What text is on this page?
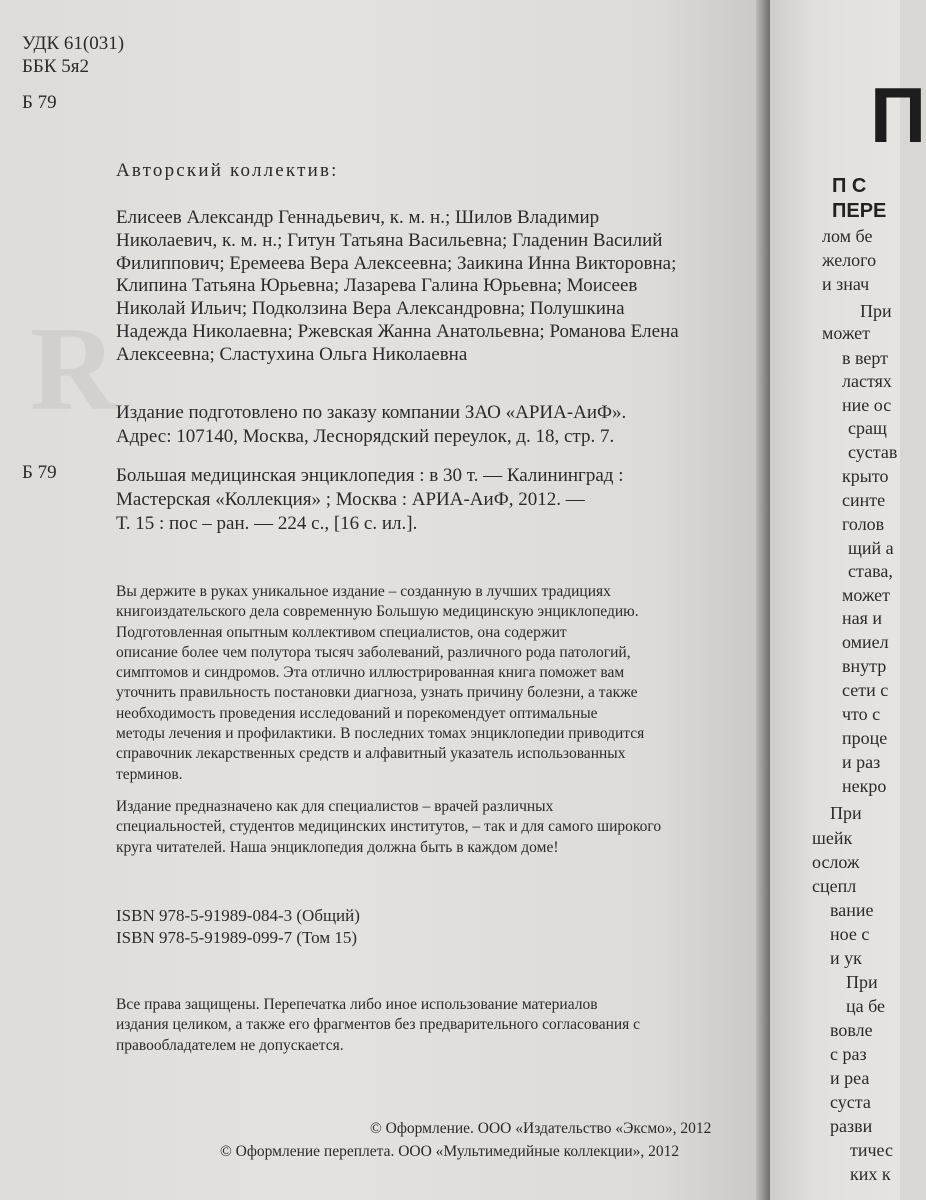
R
УДК 61(031)
ББК 5я2
Б 79
Авторский коллектив:
Елисеев Александр Геннадьевич, к. м. н.; Шилов Владимир
Николаевич, к. м. н.; Гитун Татьяна Васильевна; Гладенин Василий
Филиппович; Еремеева Вера Алексеевна; Заикина Инна Викторовна;
Клипина Татьяна Юрьевна; Лазарева Галина Юрьевна; Моисеев
Николай Ильич; Подколзина Вера Александровна; Полушкина
Надежда Николаевна; Ржевская Жанна Анатольевна; Романова Елена
Алексеевна; Сластухина Ольга Николаевна
Издание подготовлено по заказу компании ЗАО «АРИА-АиФ».
Адрес: 107140, Москва, Леснорядский переулок, д. 18, стр. 7.
Б 79	Большая медицинская энциклопедия : в 30 т. — Калининград :
Мастерская «Коллекция» ; Москва : АРИА-АиФ, 2012. —
Т. 15 : пос – ран. — 224 с., [16 с. ил.].
Вы держите в руках уникальное издание – созданную в лучших традициях
книгоиздательского дела современную Большую медицинскую энциклопедию.
Подготовленная опытным коллективом специалистов, она содержит
описание более чем полутора тысяч заболеваний, различного рода патологий,
симптомов и синдромов. Эта отлично иллюстрированная книга поможет вам
уточнить правильность постановки диагноза, узнать причину болезни, а также
необходимость проведения исследований и порекомендует оптимальные
методы лечения и профилактики. В последних томах энциклопедии приводится
справочник лекарственных средств и алфавитный указатель использованных
терминов.
Издание предназначено как для специалистов – врачей различных
специальностей, студентов медицинских институтов, – так и для самого широкого
круга читателей. Наша энциклопедия должна быть в каждом доме!
ISBN 978-5-91989-084-3 (Общий)
ISBN 978-5-91989-099-7 (Том 15)
Все права защищены. Перепечатка либо иное использование материалов
издания целиком, а также его фрагментов без предварительного согласования с
правообладателем не допускается.
© Оформление. ООО «Издательство «Эксмо», 2012
© Оформление переплета. ООО «Мультимедийные коллекции», 2012
П
П С
ПЕРЕ
лом бе
желого
и знач
При
может
в верт
ластях
ние ос
сращ
сустав
крыто
синте
голов
щий а
става,
может
ная и
омиел
внутр
сети с
что с
проце
и раз
некро
При
шейк
ослож
сцепл
вание
ное с
и ук
При
ца бе
вовле
с раз
и реа
суста
разви
тичес
ких к
